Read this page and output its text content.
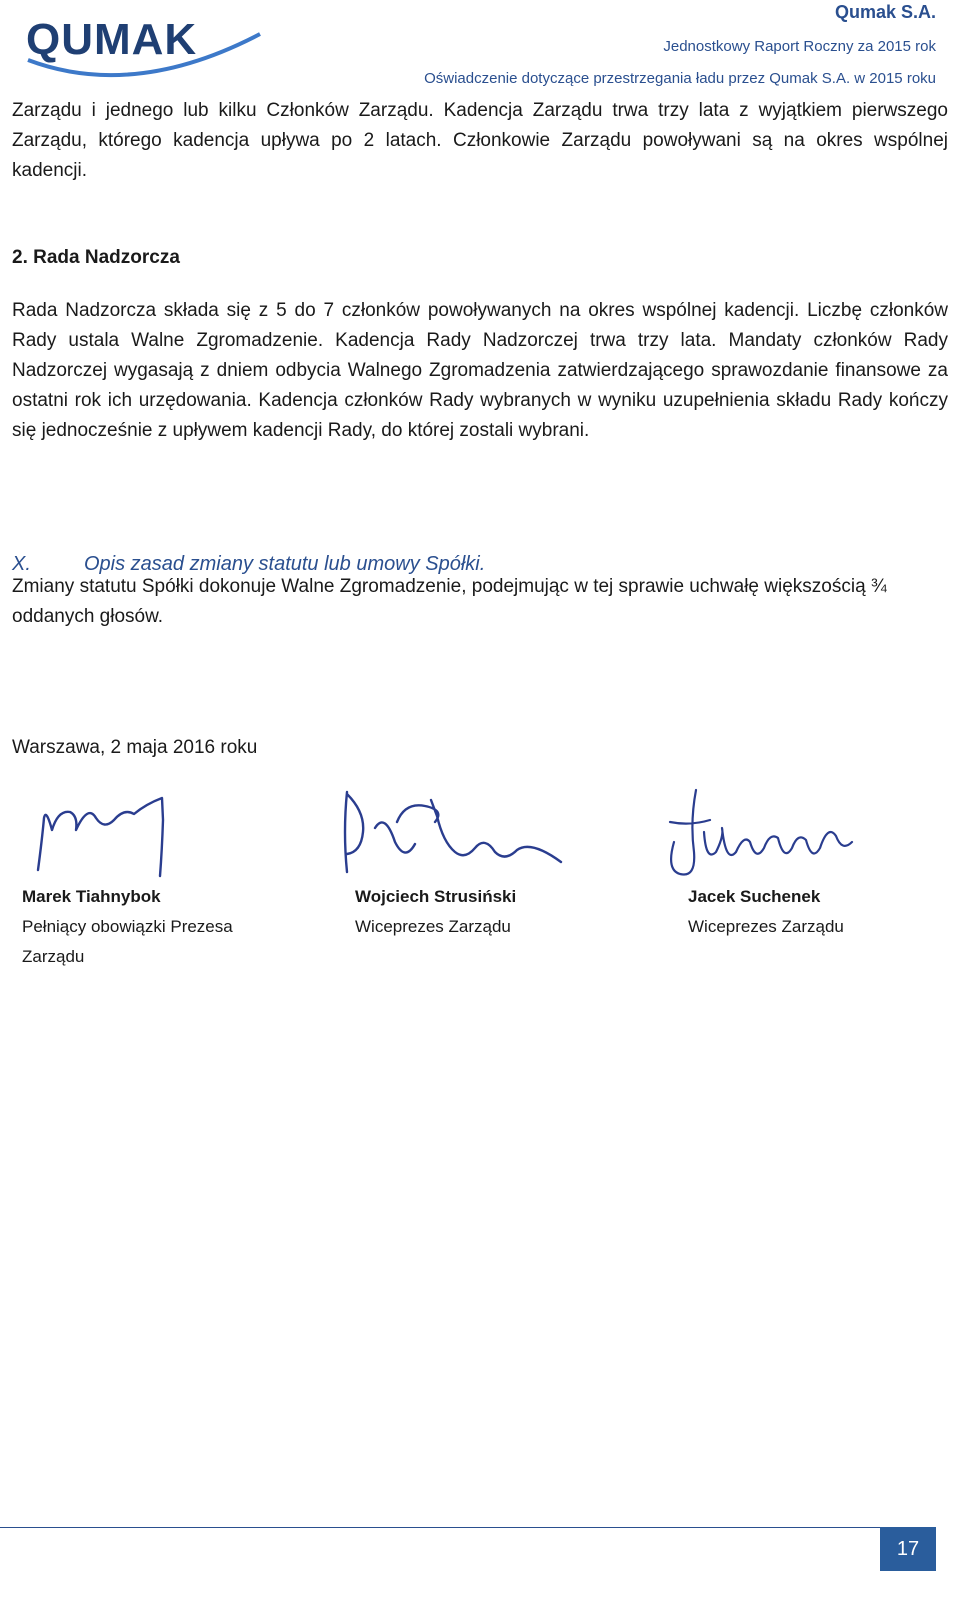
QUMAK
Qumak S.A.
Jednostkowy Raport Roczny za 2015 rok
Oświadczenie dotyczące przestrzegania ładu przez Qumak S.A. w 2015 roku
Zarządu i jednego lub kilku Członków Zarządu. Kadencja Zarządu trwa trzy lata z wyjątkiem pierwszego Zarządu, którego kadencja upływa po 2 latach. Członkowie Zarządu powoływani są na okres wspólnej kadencji.
2. Rada Nadzorcza
Rada Nadzorcza składa się z 5 do 7 członków powoływanych na okres wspólnej kadencji. Liczbę członków Rady ustala Walne Zgromadzenie. Kadencja Rady Nadzorczej trwa trzy lata. Mandaty członków Rady Nadzorczej wygasają z dniem odbycia Walnego Zgromadzenia zatwierdzającego sprawozdanie finansowe za ostatni rok ich urzędowania. Kadencja członków Rady wybranych w wyniku uzupełnienia składu Rady kończy się jednocześnie z upływem kadencji Rady, do której zostali wybrani.
X.	Opis zasad zmiany statutu lub umowy Spółki.
Zmiany statutu Spółki dokonuje Walne Zgromadzenie, podejmując w tej sprawie uchwałę większością ¾ oddanych głosów.
Warszawa, 2 maja 2016 roku
Marek Tiahnybok
Pełniący obowiązki Prezesa Zarządu
Wojciech Strusiński
Wiceprezes Zarządu
Jacek Suchenek
Wiceprezes Zarządu
17
